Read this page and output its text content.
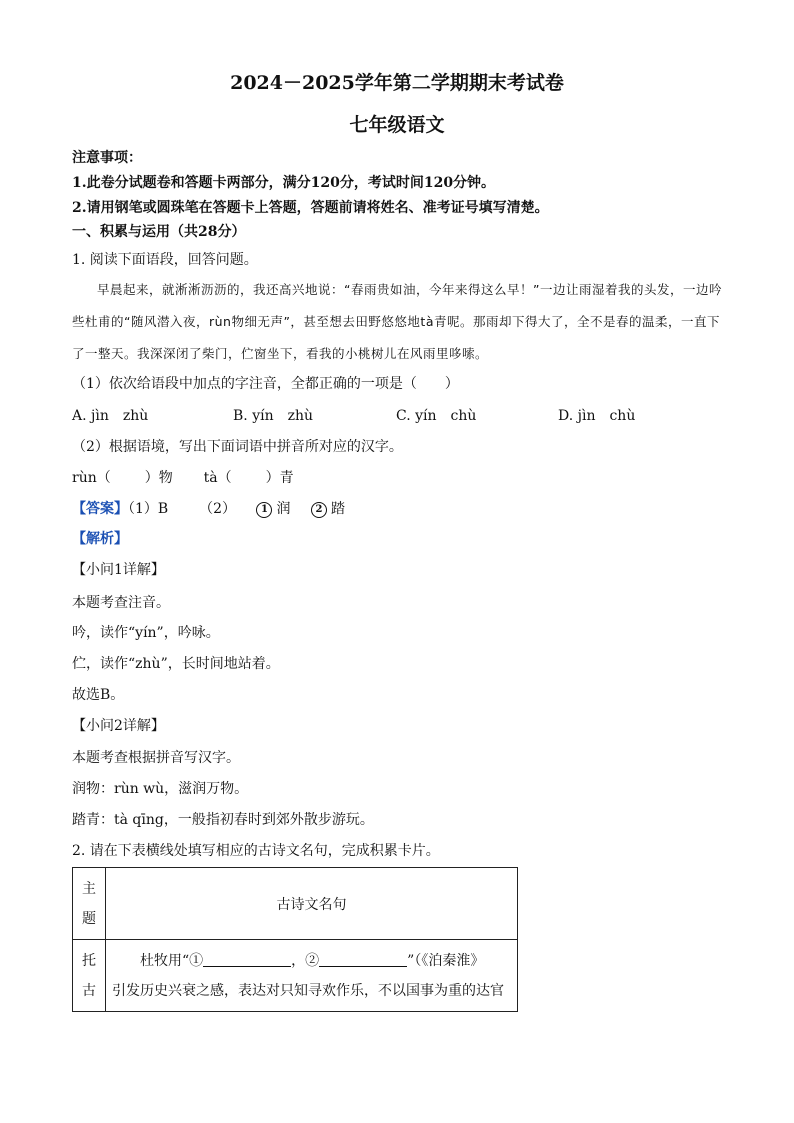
2024－2025学年第二学期期末考试卷
七年级语文
注意事项：
1.此卷分试题卷和答题卡两部分，满分120分，考试时间120分钟。
2.请用钢笔或圆珠笔在答题卡上答题，答题前请将姓名、准考证号填写清楚。
一、积累与运用（共28分）
1. 阅读下面语段，回答问题。
早晨起来，就淅淅沥沥的，我还高兴地说：“春雨贵如油，今年来得这么早！”一边让雨湿着我的头发，一边吟些杜甫的“随风潜入夜，rùn物细无声”，甚至想去田野悠悠地tà青呢。那雨却下得大了，全不是春的温柔，一直下了一整天。我深深闭了柴门，伫窗坐下，看我的小桃树儿在风雨里哆嗦。
（1）依次给语段中加点的字注音，全都正确的一项是（　　）
A. jìn　zhù	B. yín　zhù	C. yín　chù	D. jìn　chù
（2）根据语境，写出下面词语中拼音所对应的汉字。
rùn（ ）物 tà（ ）青
【答案】（1）B （2） 1 润 2 踏
【解析】
【小问1详解】
本题考查注音。
吟，读作“yín”，吟咏。
伫，读作“zhù”，长时间地站着。
故选B。
【小问2详解】
本题考查根据拼音写汉字。
润物：rùn wù，滋润万物。
踏青：tà qīng，一般指初春时到郊外散步游玩。
2. 请在下表横线处填写相应的古诗文名句，完成积累卡片。
主题	古诗文名句

托古	杜牧用“① ，② ”（《泊秦淮》
引发历史兴衰之感，表达对只知寻欢作乐，不以国事为重的达官
